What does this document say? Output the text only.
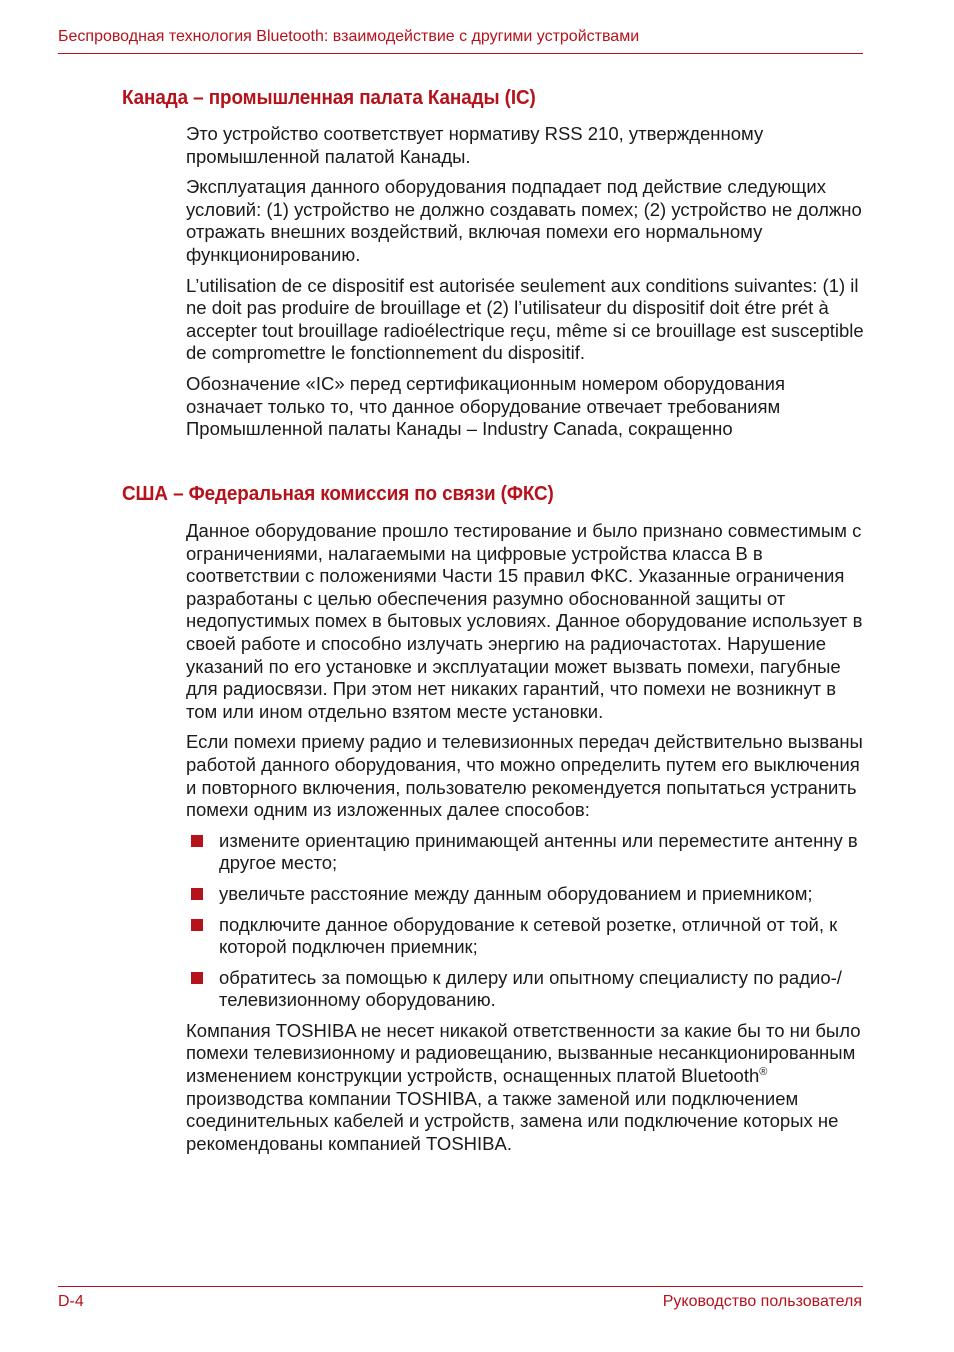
Беспроводная технология Bluetooth: взаимодействие с другими устройствами
Канада – промышленная палата Канады (IC)

Это устройство соответствует нормативу RSS 210, утвержденному промышленной палатой Канады.

Эксплуатация данного оборудования подпадает под действие следующих условий: (1) устройство не должно создавать помех; (2) устройство не должно отражать внешних воздействий, включая помехи его нормальному функционированию.

L’utilisation de ce dispositif est autorisée seulement aux conditions suivantes: (1) il ne doit pas produire de brouillage et (2) l’utilisateur du dispositif doit étre prét à accepter tout brouillage radioélectrique reçu, même si ce brouillage est susceptible de compromettre le fonctionnement du dispositif.

Обозначение «IC» перед сертификационным номером оборудования означает только то, что данное оборудование отвечает требованиям Промышленной палаты Канады – Industry Canada, сокращенно

США – Федеральная комиссия по связи (ФКС)

Данное оборудование прошло тестирование и было признано совместимым с ограничениями, налагаемыми на цифровые устройства класса B в соответствии с положениями Части 15 правил ФКС. Указанные ограничения разработаны с целью обеспечения разумно обоснованной защиты от недопустимых помех в бытовых условиях. Данное оборудование использует в своей работе и способно излучать энергию на радиочастотах. Нарушение указаний по его установке и эксплуатации может вызвать помехи, пагубные для радиосвязи. При этом нет никаких гарантий, что помехи не возникнут в том или ином отдельно взятом месте установки.

Если помехи приему радио и телевизионных передач действительно вызваны работой данного оборудования, что можно определить путем его выключения и повторного включения, пользователю рекомендуется попытаться устранить помехи одним из изложенных далее способов:

измените ориентацию принимающей антенны или переместите антенну в другое место;
увеличьте расстояние между данным оборудованием и приемником;
подключите данное оборудование к сетевой розетке, отличной от той, к которой подключен приемник;
обратитесь за помощью к дилеру или опытному специалисту по радио-/телевизионному оборудованию.

Компания TOSHIBA не несет никакой ответственности за какие бы то ни было помехи телевизионному и радиовещанию, вызванные несанкционированным изменением конструкции устройств, оснащенных платой Bluetooth® производства компании TOSHIBA, а также заменой или подключением соединительных кабелей и устройств, замена или подключение которых не рекомендованы компанией TOSHIBA.

D-4	Руководство пользователя
